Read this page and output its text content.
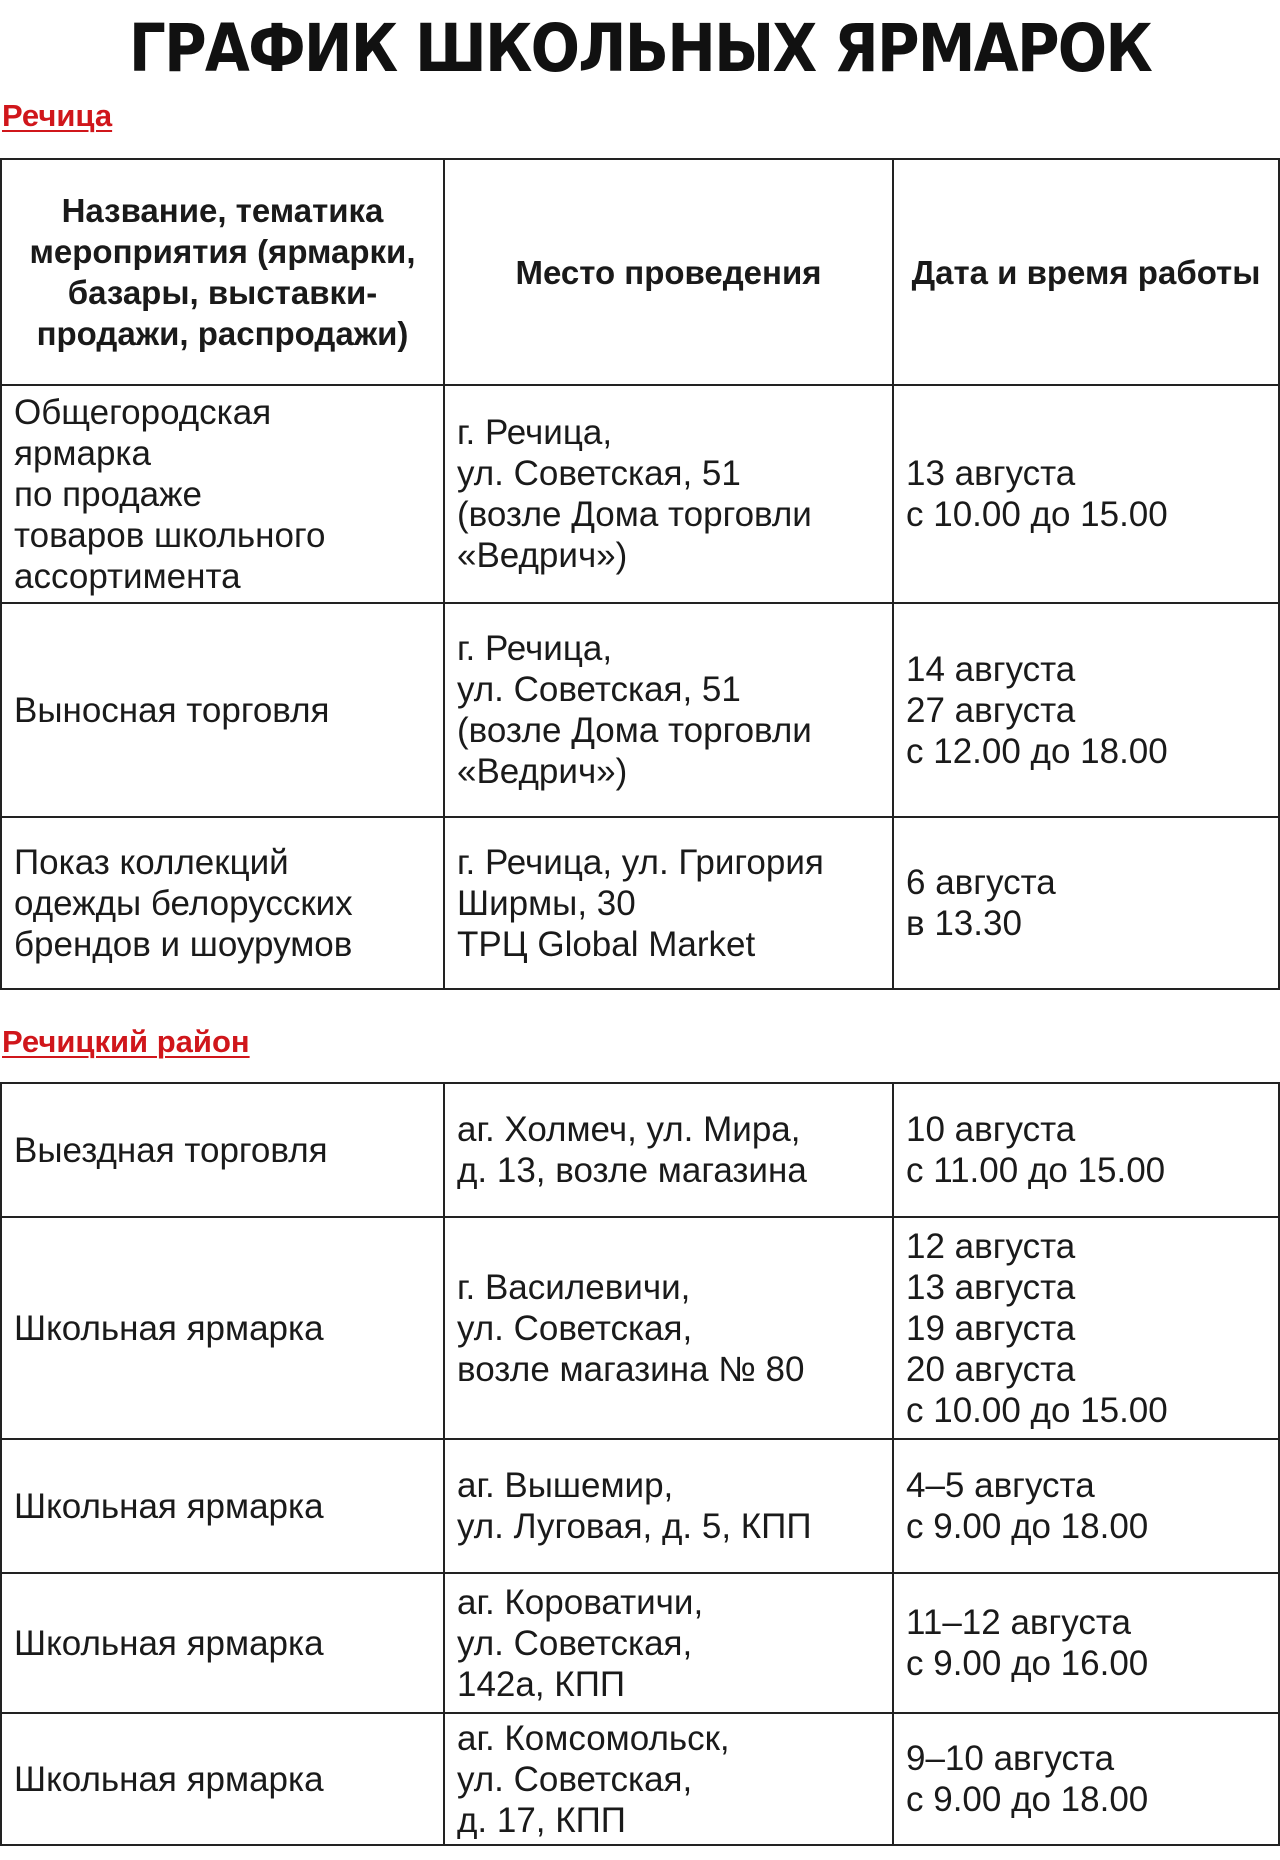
ГРАФИК ШКОЛЬНЫХ ЯРМАРОК
Речица
Название, тематика мероприятия (ярмарки, базары, выставки-продажи, распродажи)	Место проведения	Дата и время работы
Общегородская
ярмарка
по продаже
товаров школьного
ассортимента	г. Речица,
ул. Советская, 51
(возле Дома торговли
«Ведрич»)	13 августа
с 10.00 до 15.00
Выносная торговля	г. Речица,
ул. Советская, 51
(возле Дома торговли
«Ведрич»)	14 августа
27 августа
с 12.00 до 18.00
Показ коллекций
одежды белорусских
брендов и шоурумов	г. Речица, ул. Григория
Ширмы, 30
ТРЦ Global Market	6 августа
в 13.30
Речицкий район
Выездная торговля	аг. Холмеч, ул. Мира,
д. 13, возле магазина	10 августа
с 11.00 до 15.00
Школьная ярмарка	г. Василевичи,
ул. Советская,
возле магазина № 80	12 августа
13 августа
19 августа
20 августа
с 10.00 до 15.00
Школьная ярмарка	аг. Вышемир,
ул. Луговая, д. 5, КПП	4–5 августа
с 9.00 до 18.00
Школьная ярмарка	аг. Короватичи,
ул. Советская,
142а, КПП	11–12 августа
с 9.00 до 16.00
Школьная ярмарка	аг. Комсомольск,
ул. Советская,
д. 17, КПП	9–10 августа
с 9.00 до 18.00
